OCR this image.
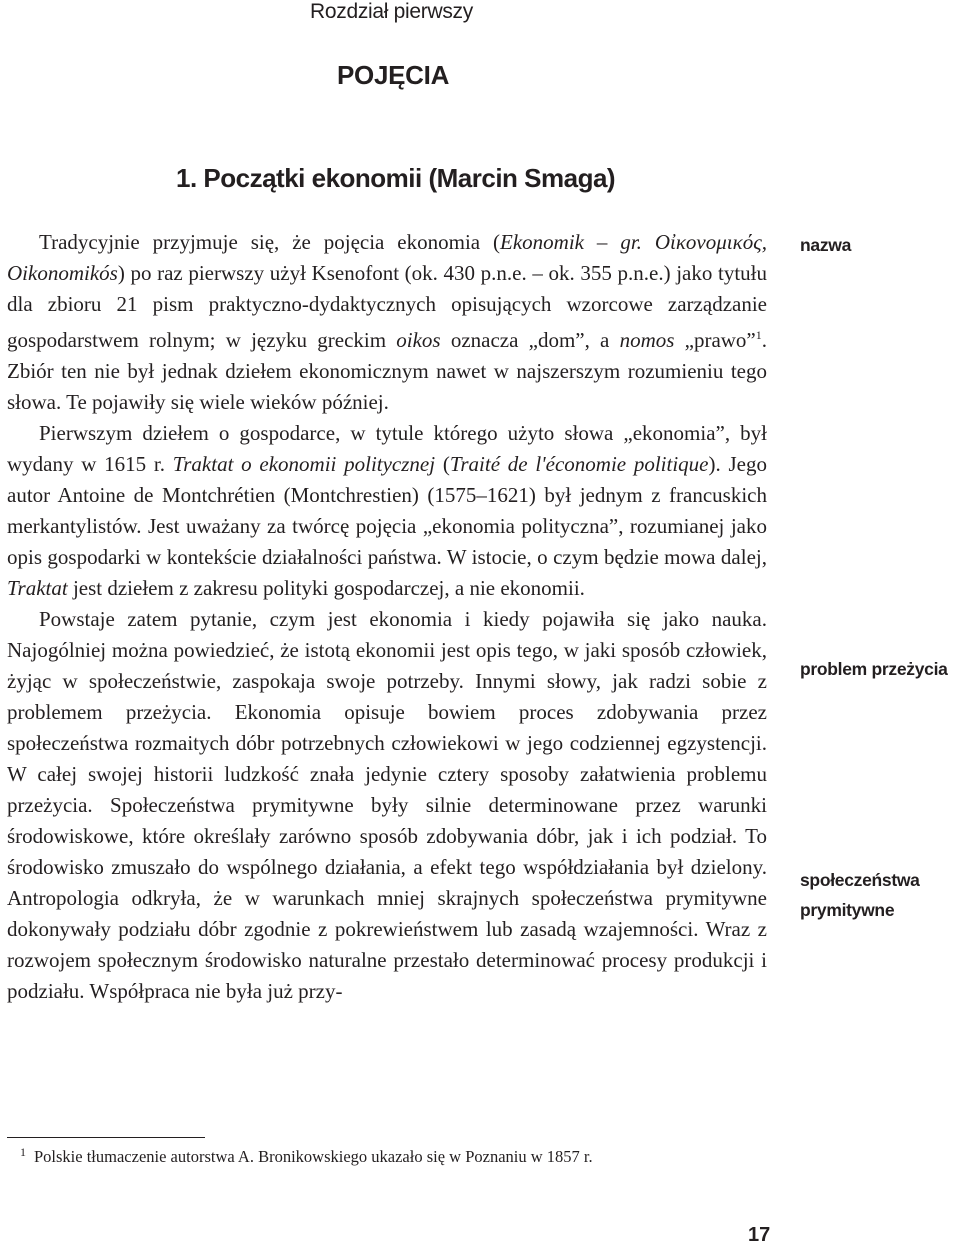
Rozdział pierwszy
POJĘCIA
1. Początki ekonomii (Marcin Smaga)

Tradycyjnie przyjmuje się, że pojęcia ekonomia (Ekonomik – gr. Οἰκονομικός, Oikonomikós) po raz pierwszy użył Ksenofont (ok. 430 p.n.e. – ok. 355 p.n.e.) jako tytułu dla zbioru 21 pism praktyczno-dydaktycznych opisujących wzorcowe zarządzanie gospodarstwem rolnym; w języku greckim oikos oznacza „dom”, a nomos „prawo”$^1$. Zbiór ten nie był jednak dziełem ekonomicznym nawet w najszerszym rozumieniu tego słowa. Te pojawiły się wiele wieków później.

Pierwszym dziełem o gospodarce, w tytule którego użyto słowa „ekonomia”, był wydany w 1615 r. Traktat o ekonomii politycznej (Traité de l'économie politique). Jego autor Antoine de Montchrétien (Montchrestien) (1575–1621) był jednym z francuskich merkantylistów. Jest uważany za twórcę pojęcia „ekonomia polityczna”, rozumianej jako opis gospodarki w kontekście działalności państwa. W istocie, o czym będzie mowa dalej, Traktat jest dziełem z zakresu polityki gospodarczej, a nie ekonomii.

Powstaje zatem pytanie, czym jest ekonomia i kiedy pojawiła się jako nauka. Najogólniej można powiedzieć, że istotą ekonomii jest opis tego, w jaki sposób człowiek, żyjąc w społeczeństwie, zaspokaja swoje potrzeby. Innymi słowy, jak radzi sobie z problemem przeżycia. Ekonomia opisuje bowiem proces zdobywania przez społeczeństwa rozmaitych dóbr potrzebnych człowiekowi w jego codziennej egzystencji. W całej swojej historii ludzkość znała jedynie cztery sposoby załatwienia problemu przeżycia. Społeczeństwa prymitywne były silnie determinowane przez warunki środowiskowe, które określały zarówno sposób zdobywania dóbr, jak i ich podział. To środowisko zmuszało do wspólnego działania, a efekt tego współdziałania był dzielony. Antropologia odkryła, że w warunkach mniej skrajnych społeczeństwa prymitywne dokonywały podziału dóbr zgodnie z pokrewieństwem lub zasadą wzajemności. Wraz z rozwojem społecznym środowisko naturalne przestało determinować procesy produkcji i podziału. Współpraca nie była już przy-

nazwa
problem przeżycia
społeczeństwa prymitywne
1 Polskie tłumaczenie autorstwa A. Bronikowskiego ukazało się w Poznaniu w 1857 r.
17
